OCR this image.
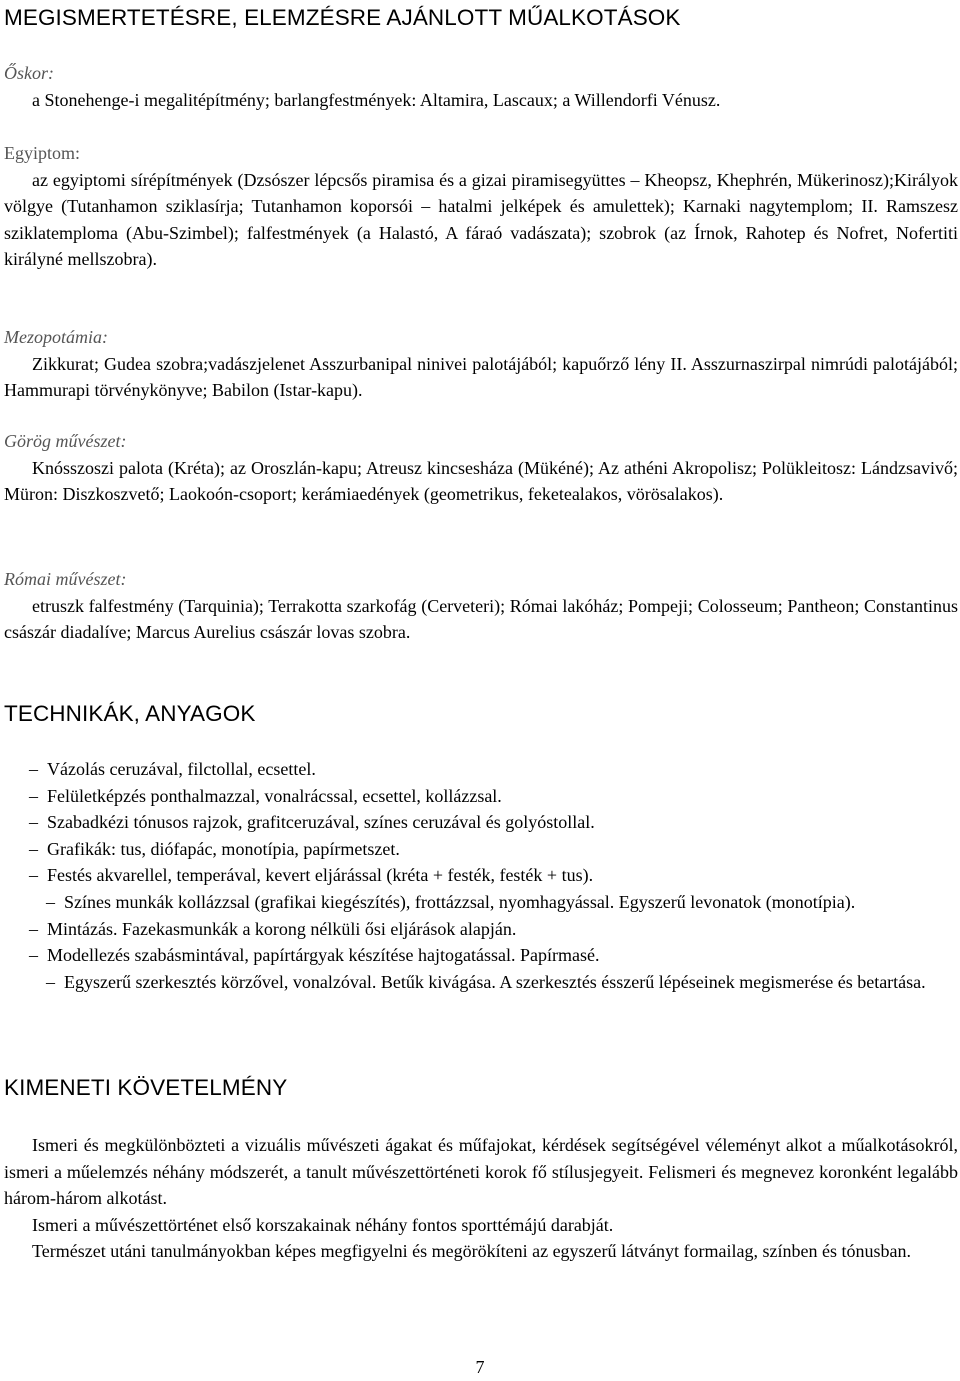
MEGISMERTETÉSRE, ELEMZÉSRE AJÁNLOTT MŰALKOTÁSOK
Őskor:

a Stonehenge-i megalitépítmény; barlangfestmények: Altamira, Lascaux; a Willendorfi Vénusz.

Egyiptom:

az egyiptomi sírépítmények (Dzsószer lépcsős piramisa és a gizai piramisegyüttes – Kheopsz, Khephrén, Mükerinosz);Királyok völgye (Tutanhamon sziklasírja; Tutanhamon koporsói – hatalmi jelképek és amulettek); Karnaki nagytemplom; II. Ramszesz sziklatemploma (Abu-Szimbel); falfestmények (a Halastó, A fáraó vadászata); szobrok (az Írnok, Rahotep és Nofret, Nofertiti királyné mellszobra).

Mezopotámia:

Zikkurat; Gudea szobra;vadászjelenet Asszurbanipal ninivei palotájából; kapuőrző lény II. Asszurnaszirpal nimrúdi palotájából; Hammurapi törvénykönyve; Babilon (Istar-kapu).

Görög művészet:

Knósszoszi palota (Kréta); az Oroszlán-kapu; Atreusz kincsesháza (Mükéné); Az athéni Akropolisz; Polükleitosz: Lándzsavivő; Müron: Diszkoszvető; Laokoón-csoport; kerámiaedények (geometrikus, feketealakos, vörösalakos).

Római művészet:

etruszk falfestmény (Tarquinia); Terrakotta szarkofág (Cerveteri); Római lakóház; Pompeji; Colosseum; Pantheon; Constantinus császár diadalíve; Marcus Aurelius császár lovas szobra.

TECHNIKÁK, ANYAGOK

– Vázolás ceruzával, filctollal, ecsettel.

– Felületképzés ponthalmazzal, vonalrácssal, ecsettel, kollázzsal.

– Szabadkézi tónusos rajzok, grafitceruzával, színes ceruzával és golyóstollal.

– Grafikák: tus, diófapác, monotípia, papírmetszet.

– Festés akvarellel, temperával, kevert eljárással (kréta + festék, festék + tus).

– Színes munkák kollázzsal (grafikai kiegészítés), frottázzsal, nyomhagyással. Egyszerű levonatok (monotípia).

– Mintázás. Fazekasmunkák a korong nélküli ősi eljárások alapján.

– Modellezés szabásmintával, papírtárgyak készítése hajtogatással. Papírmasé.

– Egyszerű szerkesztés körzővel, vonalzóval. Betűk kivágása. A szerkesztés ésszerű lépéseinek megismerése és betartása.

KIMENETI KÖVETELMÉNY

Ismeri és megkülönbözteti a vizuális művészeti ágakat és műfajokat, kérdések segítségével véleményt alkot a műalkotásokról, ismeri a műelemzés néhány módszerét, a tanult művészettörténeti korok fő stílusjegyeit. Felismeri és megnevez koronként legalább három-három alkotást.

Ismeri a művészettörténet első korszakainak néhány fontos sporttémájú darabját.

Természet utáni tanulmányokban képes megfigyelni és megörökíteni az egyszerű látványt formailag, színben és tónusban.

7
